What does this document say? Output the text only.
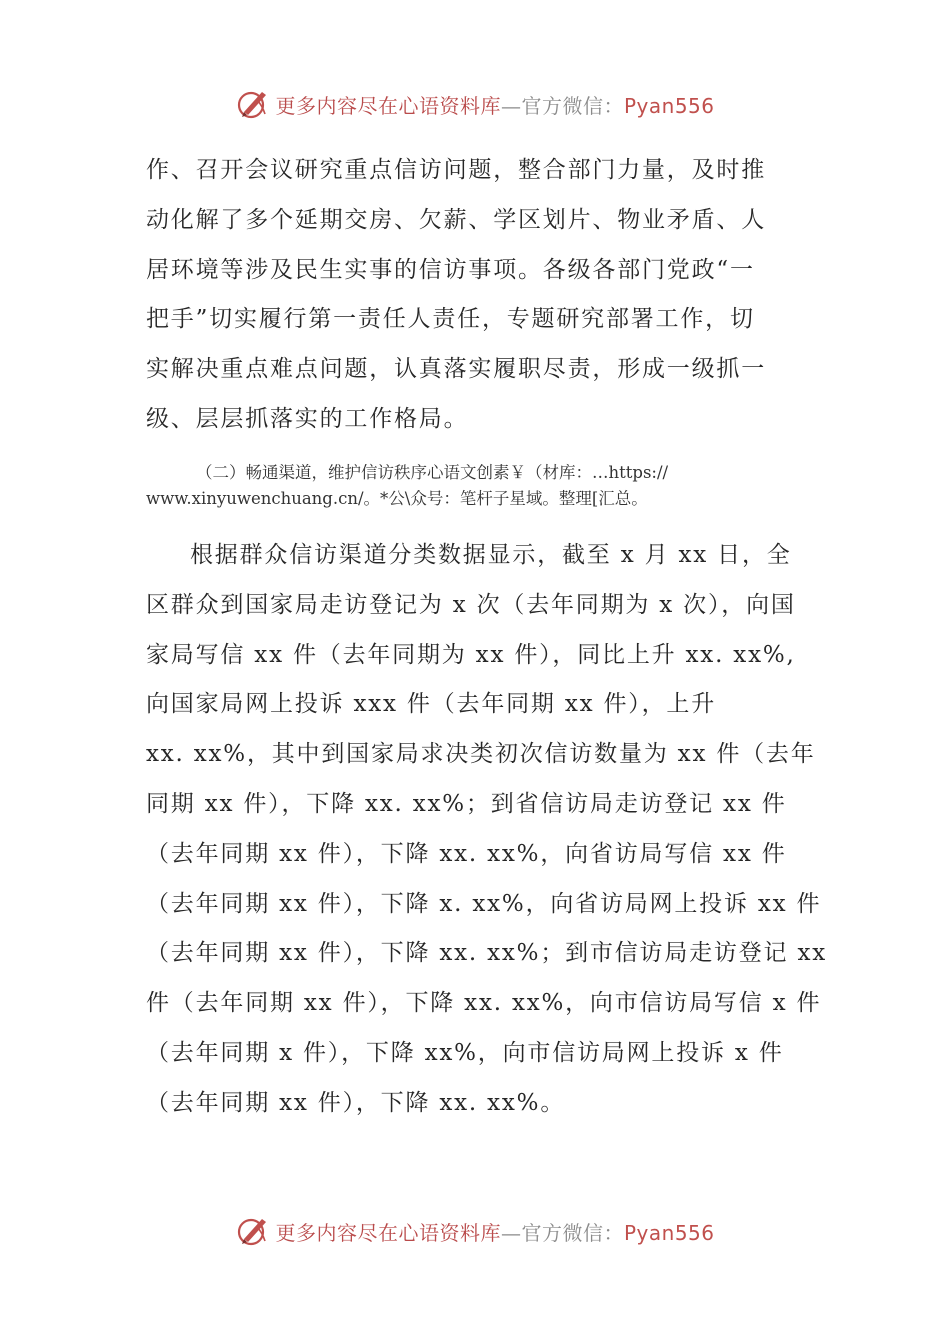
更多内容尽在心语资料库—官方微信：Pyan556

作、召开会议研究重点信访问题，整合部门力量，及时推
动化解了多个延期交房、欠薪、学区划片、物业矛盾、人
居环境等涉及民生实事的信访事项。各级各部门党政“一
把手”切实履行第一责任人责任，专题研究部署工作，切
实解决重点难点问题，认真落实履职尽责，形成一级抓一
级、层层抓落实的工作格局。

（二）畅通渠道，维护信访秩序心语文创素￥（材库：…https://
www.xinyuwenchuang.cn/。*公\众号：笔杆子星域。整理[汇总。

根据群众信访渠道分类数据显示，截至 x 月 xx 日，全
区群众到国家局走访登记为 x 次（去年同期为 x 次），向国
家局写信 xx 件（去年同期为 xx 件），同比上升 xx. xx%,
向国家局网上投诉 xxx 件（去年同期 xx 件），上升
xx. xx%，其中到国家局求决类初次信访数量为 xx 件（去年
同期 xx 件），下降 xx. xx%；到省信访局走访登记 xx 件
（去年同期 xx 件），下降 xx. xx%，向省访局写信 xx 件
（去年同期 xx 件），下降 x. xx%，向省访局网上投诉 xx 件
（去年同期 xx 件），下降 xx. xx%；到市信访局走访登记 xx
件（去年同期 xx 件），下降 xx. xx%，向市信访局写信 x 件
（去年同期 x 件），下降 xx%，向市信访局网上投诉 x 件
（去年同期 xx 件），下降 xx. xx%。

更多内容尽在心语资料库—官方微信：Pyan556
